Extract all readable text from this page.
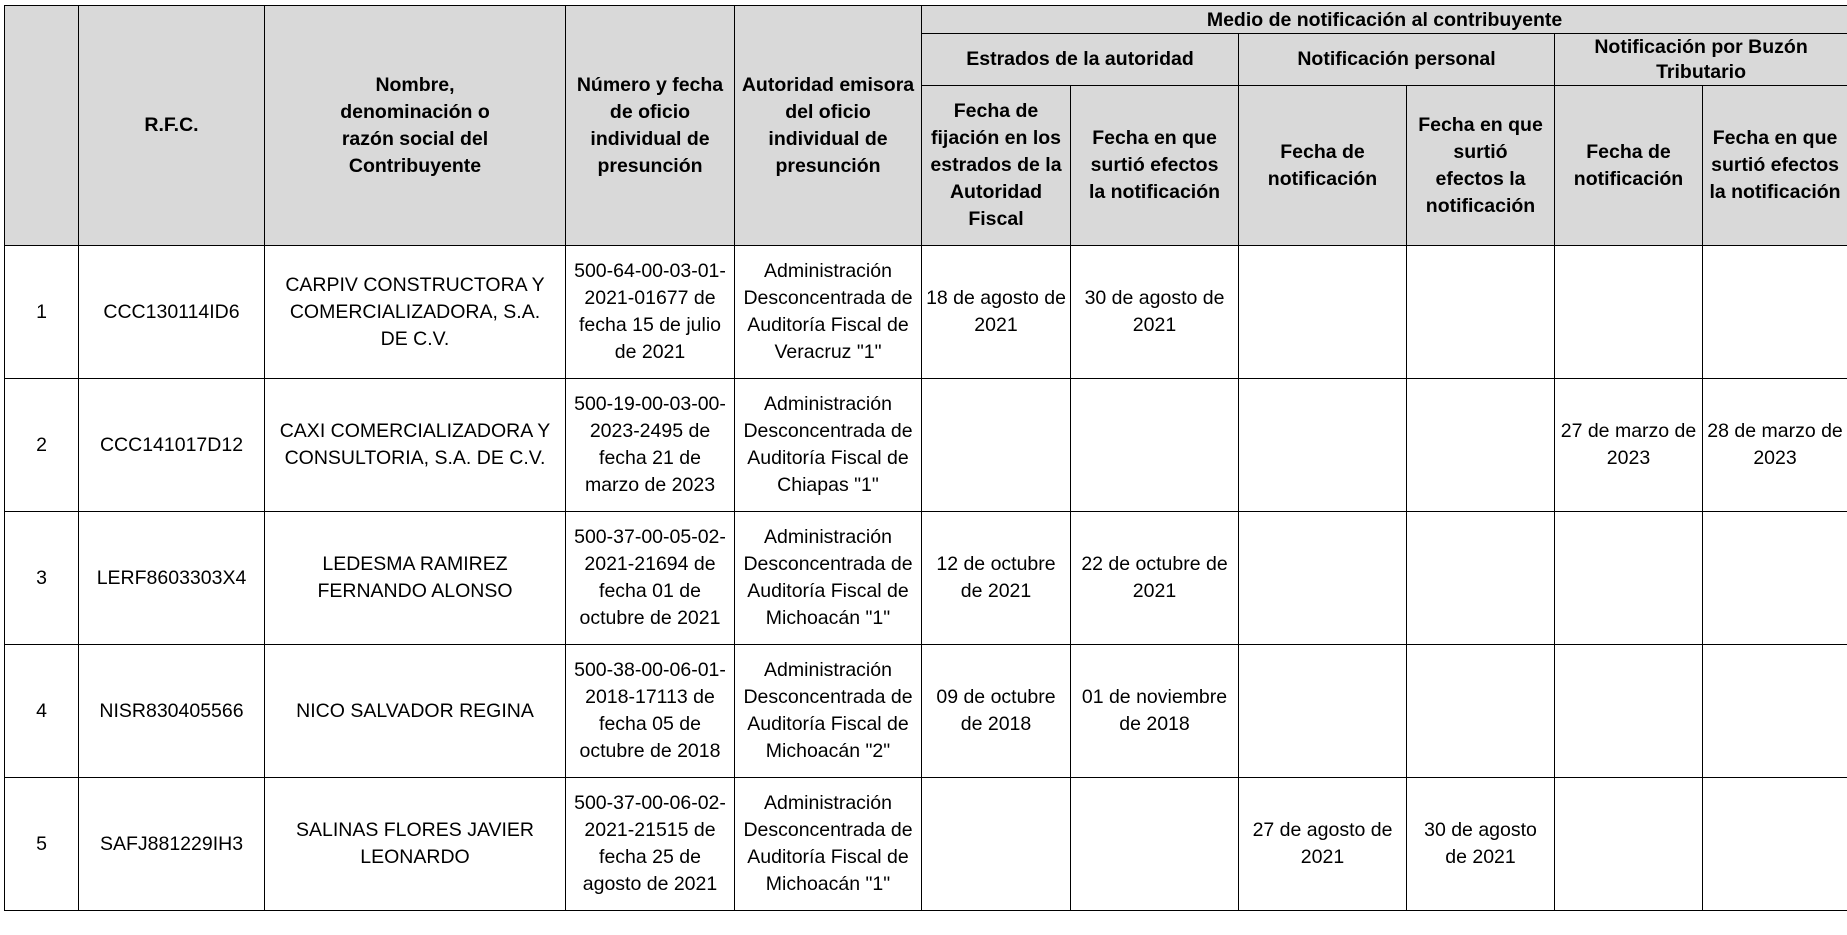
	R.F.C.	Nombre, denominación o razón social del Contribuyente	Número y fecha de oficio individual de presunción	Autoridad emisora del oficio individual de presunción	Medio de notificación al contribuyente					
					Estrados de la autoridad		Notificación personal		Notificación por Buzón Tributario	
					Fecha de fijación en los estrados de la Autoridad Fiscal	Fecha en que surtió efectos la notificación	Fecha de notificación	Fecha en que surtió efectos la notificación	Fecha de notificación	Fecha en que surtió efectos la notificación
1	CCC130114ID6	CARPIV CONSTRUCTORA Y COMERCIALIZADORA, S.A. DE C.V.	500-64-00-03-01-2021-01677 de fecha 15 de julio de 2021	Administración Desconcentrada de Auditoría Fiscal de Veracruz "1"	18 de agosto de 2021	30 de agosto de 2021				
2	CCC141017D12	CAXI COMERCIALIZADORA Y CONSULTORIA, S.A. DE C.V.	500-19-00-03-00-2023-2495 de fecha 21 de marzo de 2023	Administración Desconcentrada de Auditoría Fiscal de Chiapas "1"					27 de marzo de 2023	28 de marzo de 2023
3	LERF8603303X4	LEDESMA RAMIREZ FERNANDO ALONSO	500-37-00-05-02-2021-21694 de fecha 01 de octubre de 2021	Administración Desconcentrada de Auditoría Fiscal de Michoacán "1"	12 de octubre de 2021	22 de octubre de 2021				
4	NISR830405566	NICO SALVADOR REGINA	500-38-00-06-01-2018-17113 de fecha 05 de octubre de 2018	Administración Desconcentrada de Auditoría Fiscal de Michoacán "2"	09 de octubre de 2018	01 de noviembre de 2018				
5	SAFJ881229IH3	SALINAS FLORES JAVIER LEONARDO	500-37-00-06-02-2021-21515 de fecha 25 de agosto de 2021	Administración Desconcentrada de Auditoría Fiscal de Michoacán "1"			27 de agosto de 2021	30 de agosto de 2021		
